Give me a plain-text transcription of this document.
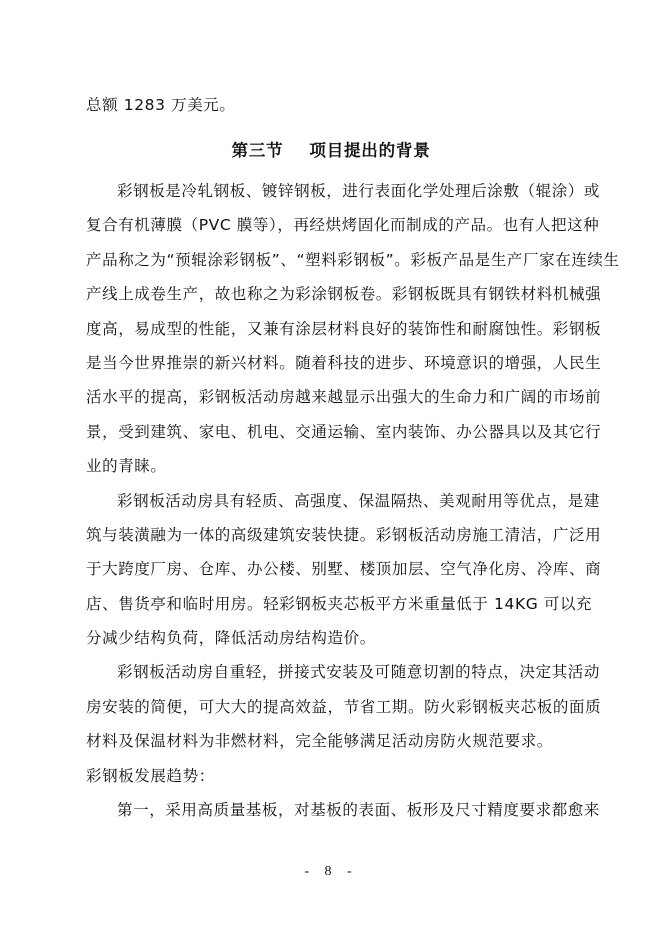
总额 1283 万美元。
第三节 项目提出的背景
彩钢板是冷轧钢板、镀锌钢板，进行表面化学处理后涂敷（辊涂）或
复合有机薄膜（PVC 膜等），再经烘烤固化而制成的产品。也有人把这种
产品称之为“预辊涂彩钢板”、“塑料彩钢板”。彩板产品是生产厂家在连续生
产线上成卷生产，故也称之为彩涂钢板卷。彩钢板既具有钢铁材料机械强
度高，易成型的性能，又兼有涂层材料良好的装饰性和耐腐蚀性。彩钢板
是当今世界推崇的新兴材料。随着科技的进步、环境意识的增强，人民生
活水平的提高，彩钢板活动房越来越显示出强大的生命力和广阔的市场前
景，受到建筑、家电、机电、交通运输、室内装饰、办公器具以及其它行
业的青睐。
彩钢板活动房具有轻质、高强度、保温隔热、美观耐用等优点，是建
筑与装潢融为一体的高级建筑安装快捷。彩钢板活动房施工清洁，广泛用
于大跨度厂房、仓库、办公楼、别墅、楼顶加层、空气净化房、冷库、商
店、售货亭和临时用房。轻彩钢板夹芯板平方米重量低于 14KG 可以充
分减少结构负荷，降低活动房结构造价。
彩钢板活动房自重轻，拼接式安装及可随意切割的特点，决定其活动
房安装的简便，可大大的提高效益，节省工期。防火彩钢板夹芯板的面质
材料及保温材料为非燃材料，完全能够满足活动房防火规范要求。
彩钢板发展趋势：
第一，采用高质量基板，对基板的表面、板形及尺寸精度要求都愈来
- 8 -
